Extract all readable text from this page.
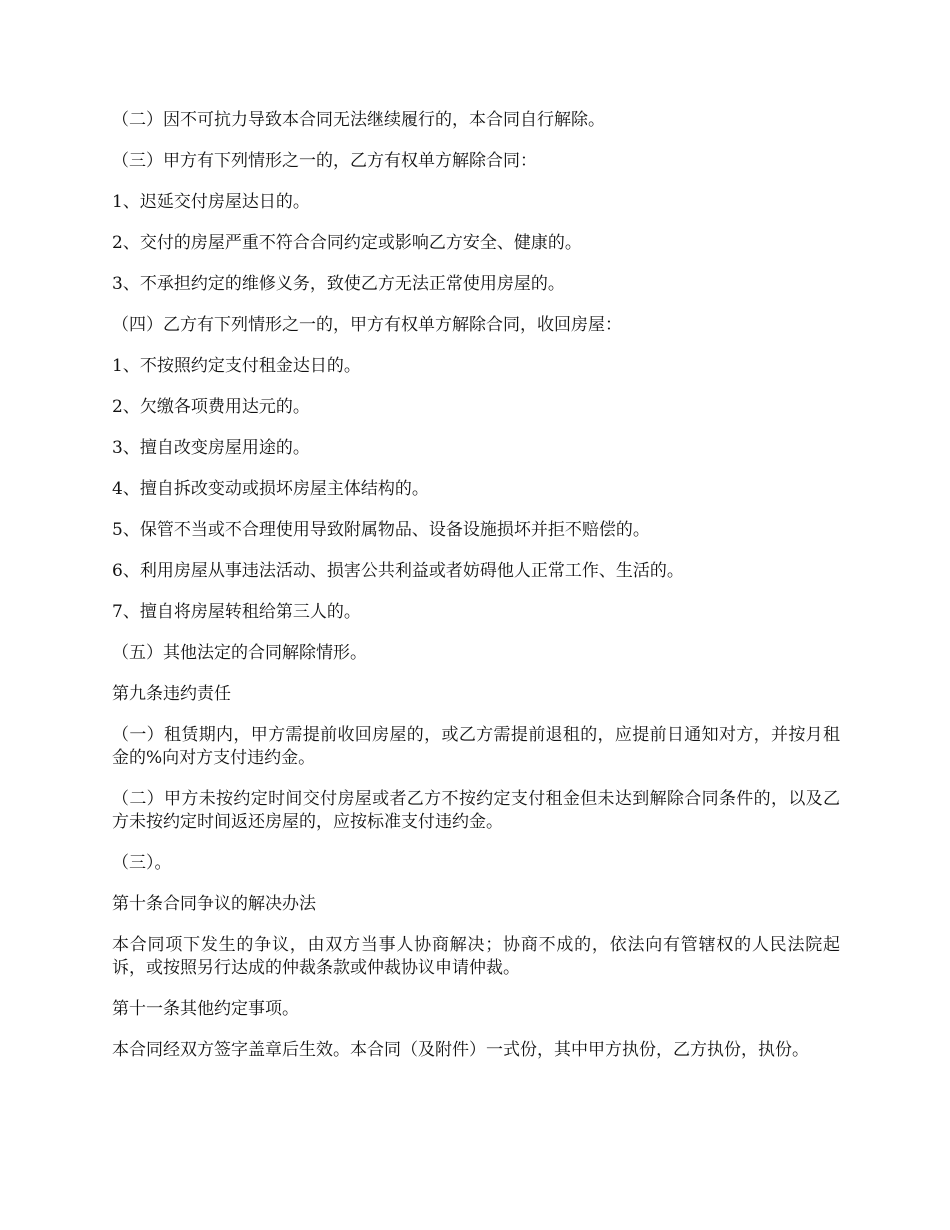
（二）因不可抗力导致本合同无法继续履行的，本合同自行解除。

（三）甲方有下列情形之一的，乙方有权单方解除合同：

1、迟延交付房屋达日的。

2、交付的房屋严重不符合合同约定或影响乙方安全、健康的。

3、不承担约定的维修义务，致使乙方无法正常使用房屋的。

（四）乙方有下列情形之一的，甲方有权单方解除合同，收回房屋：

1、不按照约定支付租金达日的。

2、欠缴各项费用达元的。

3、擅自改变房屋用途的。

4、擅自拆改变动或损坏房屋主体结构的。

5、保管不当或不合理使用导致附属物品、设备设施损坏并拒不赔偿的。

6、利用房屋从事违法活动、损害公共利益或者妨碍他人正常工作、生活的。

7、擅自将房屋转租给第三人的。

（五）其他法定的合同解除情形。

第九条违约责任

（一）租赁期内，甲方需提前收回房屋的，或乙方需提前退租的，应提前日通知对方，并按月租金的%向对方支付违约金。

（二）甲方未按约定时间交付房屋或者乙方不按约定支付租金但未达到解除合同条件的，以及乙方未按约定时间返还房屋的，应按标准支付违约金。

（三）。

第十条合同争议的解决办法

本合同项下发生的争议，由双方当事人协商解决；协商不成的，依法向有管辖权的人民法院起诉，或按照另行达成的仲裁条款或仲裁协议申请仲裁。

第十一条其他约定事项。

本合同经双方签字盖章后生效。本合同（及附件）一式份，其中甲方执份，乙方执份，执份。
